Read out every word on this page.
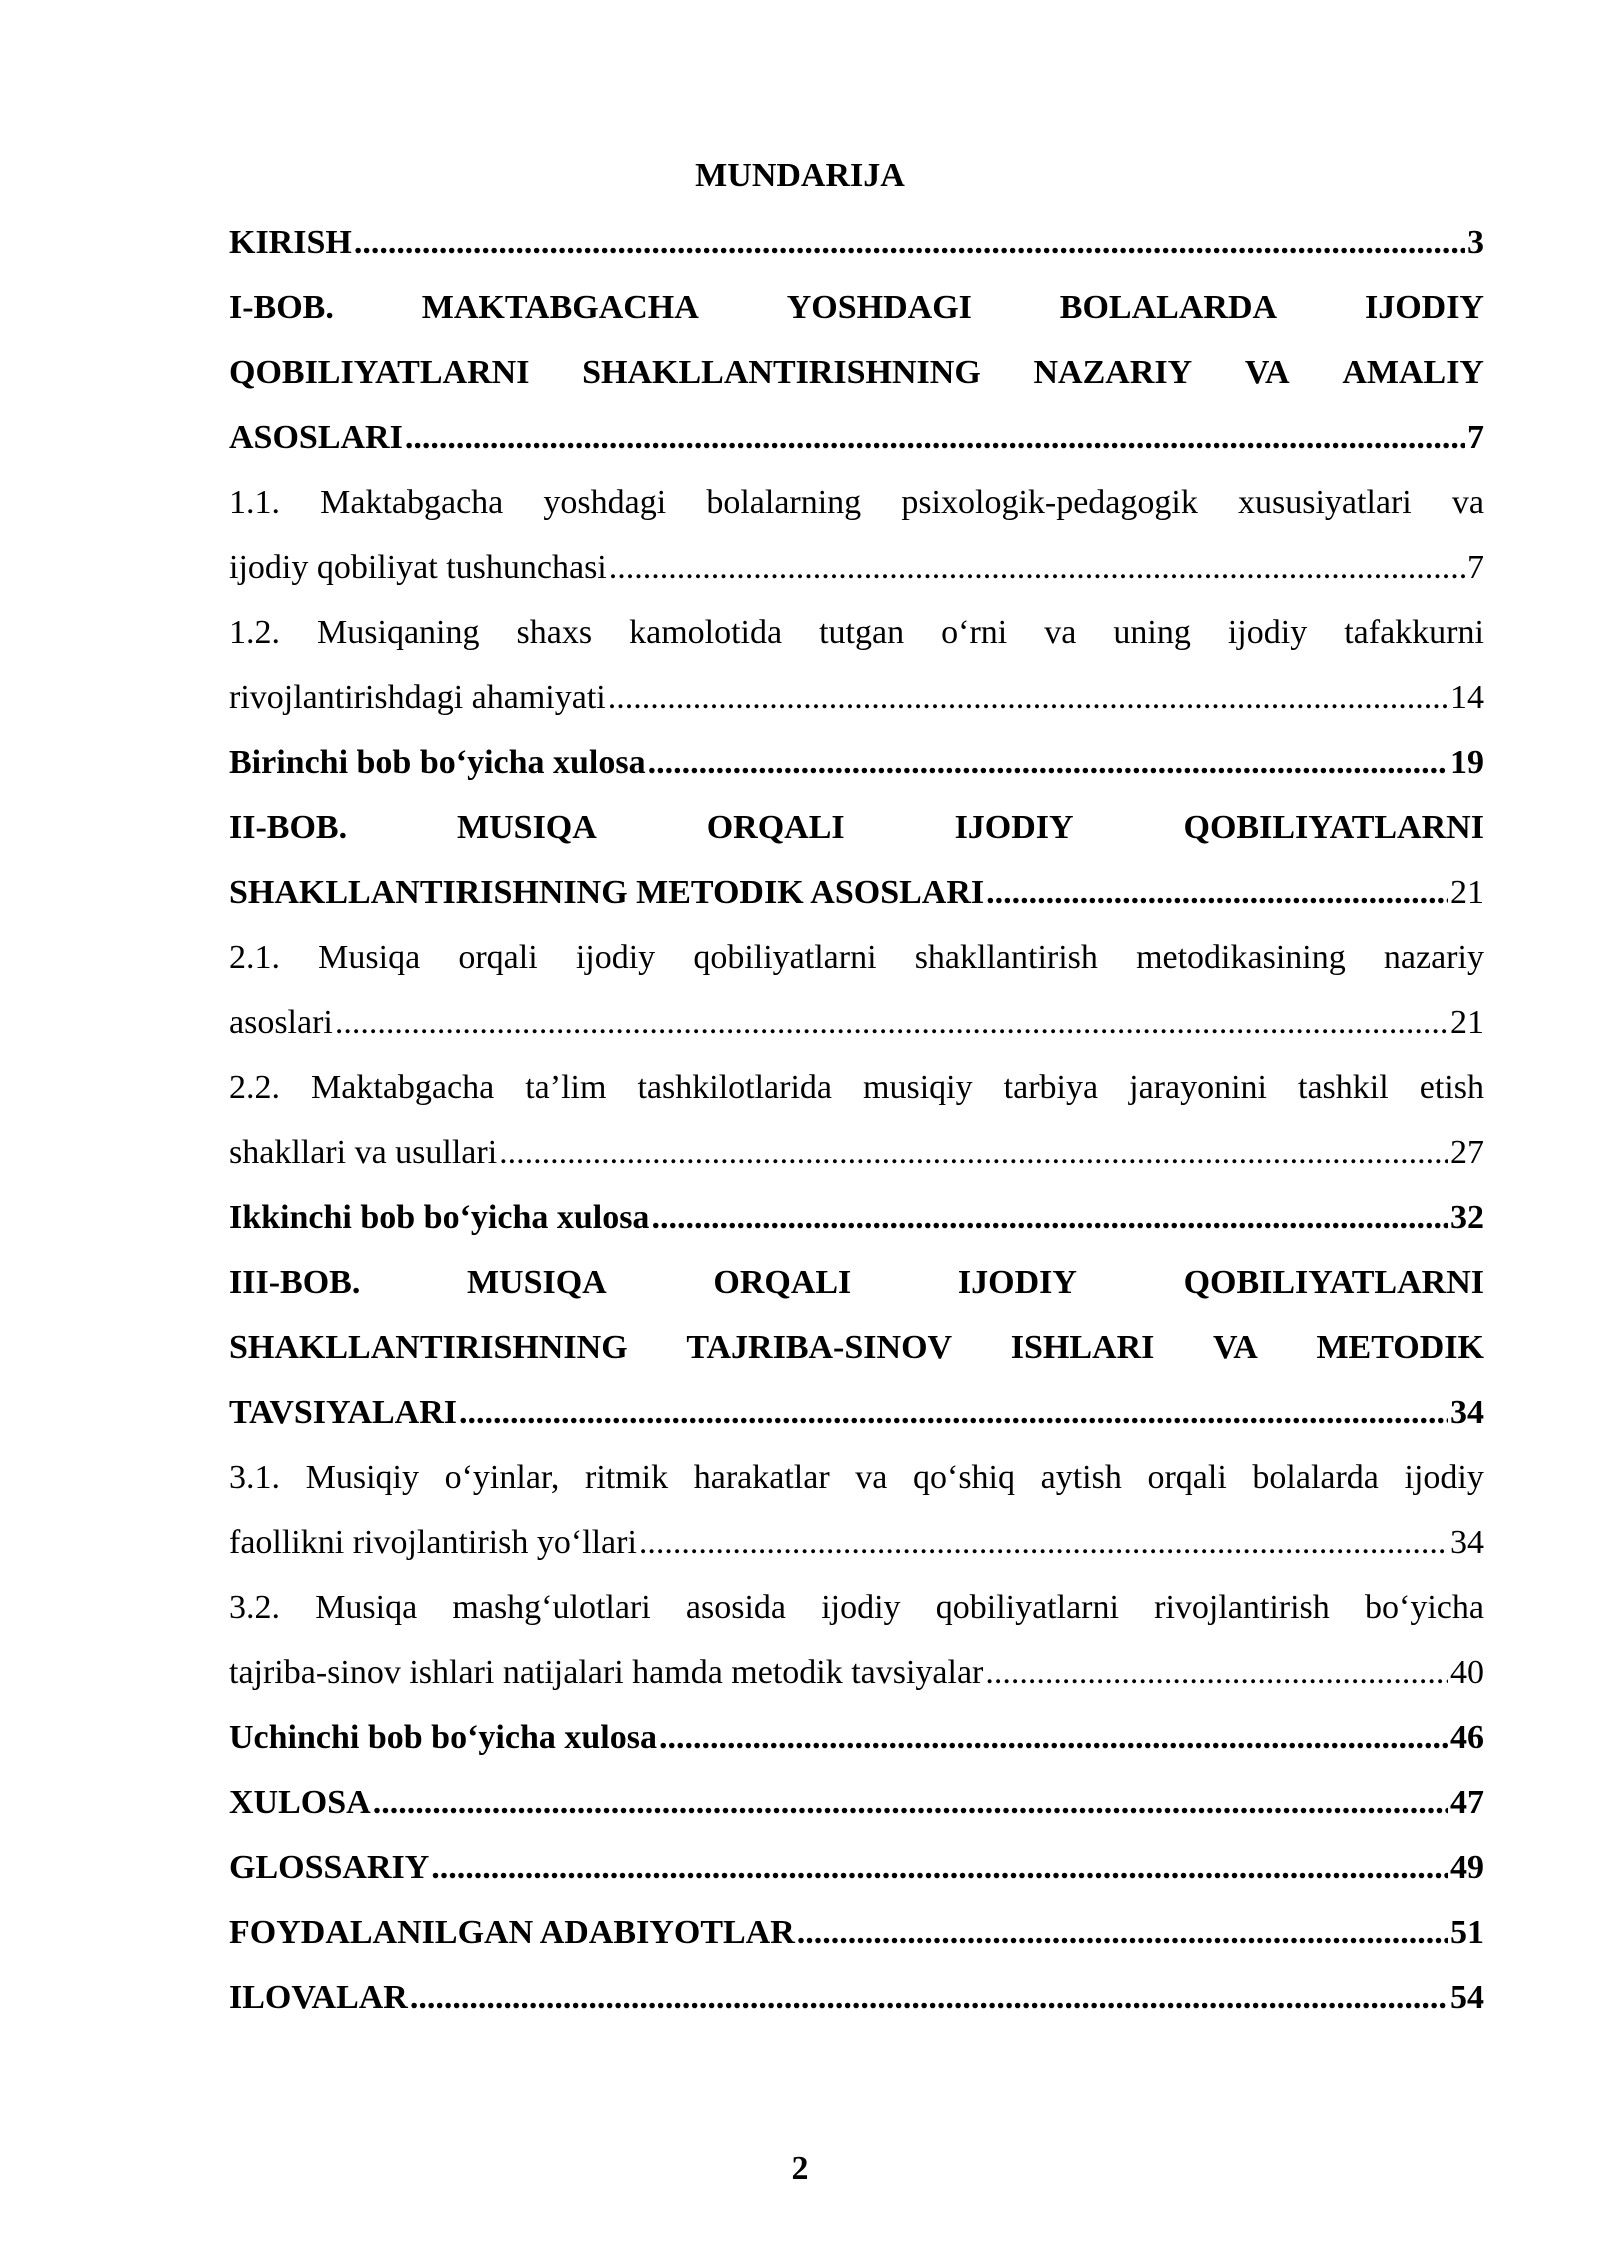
MUNDARIJA
KIRISH .....	3
I-BOB.	MAKTABGACHA	YOSHDAGI	BOLALARDA	IJODIY
QOBILIYATLARNI SHAKLLANTIRISHNING NAZARIY VA AMALIY
ASOSLARI .....	7
1.1. Maktabgacha yoshdagi bolalarning psixologik-pedagogik xususiyatlari va
ijodiy qobiliyat tushunchasi .....	7
1.2. Musiqaning shaxs kamolotida tutgan o‘rni va uning ijodiy tafakkurni
rivojlantirishdagi ahamiyati .....	14
Birinchi bob bo‘yicha xulosa .....	19
II-BOB.	MUSIQA	ORQALI	IJODIY	QOBILIYATLARNI
SHAKLLANTIRISHNING METODIK ASOSLARI .....	21
2.1. Musiqa orqali ijodiy qobiliyatlarni shakllantirish metodikasining nazariy
asoslari .....	21
2.2. Maktabgacha ta’lim tashkilotlarida musiqiy tarbiya jarayonini tashkil etish
shakllari va usullari .....	27
Ikkinchi bob bo‘yicha xulosa .....	32
III-BOB.	MUSIQA	ORQALI	IJODIY	QOBILIYATLARNI
SHAKLLANTIRISHNING TAJRIBA-SINOV ISHLARI VA METODIK
TAVSIYALARI .....	34
3.1. Musiqiy o‘yinlar, ritmik harakatlar va qo‘shiq aytish orqali bolalarda ijodiy
faollikni rivojlantirish yo‘llari .....	34
3.2. Musiqa mashg‘ulotlari asosida ijodiy qobiliyatlarni rivojlantirish bo‘yicha
tajriba-sinov ishlari natijalari hamda metodik tavsiyalar .....	40
Uchinchi bob bo‘yicha xulosa .....	46
XULOSA .....	47
GLOSSARIY .....	49
FOYDALANILGAN ADABIYOTLAR .....	51
ILOVALAR .....	54
2
